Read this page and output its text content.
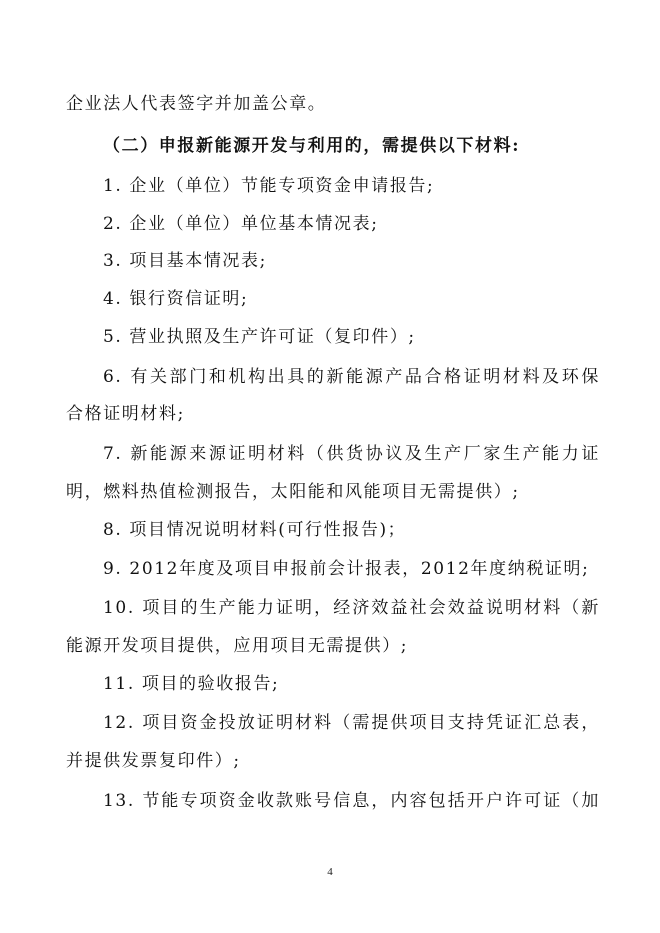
企业法人代表签字并加盖公章。
（二）申报新能源开发与利用的，需提供以下材料:
1. 企业（单位）节能专项资金申请报告;
2. 企业（单位）单位基本情况表;
3. 项目基本情况表;
4. 银行资信证明;
5. 营业执照及生产许可证（复印件）;
6. 有关部门和机构出具的新能源产品合格证明材料及环保
合格证明材料;
7. 新能源来源证明材料（供货协议及生产厂家生产能力证
明，燃料热值检测报告，太阳能和风能项目无需提供）;
8. 项目情况说明材料(可行性报告)；
9. 2012年度及项目申报前会计报表，2012年度纳税证明;
10. 项目的生产能力证明，经济效益社会效益说明材料（新
能源开发项目提供，应用项目无需提供）;
11. 项目的验收报告;
12. 项目资金投放证明材料（需提供项目支持凭证汇总表，
并提供发票复印件）;
13. 节能专项资金收款账号信息，内容包括开户许可证（加
4
